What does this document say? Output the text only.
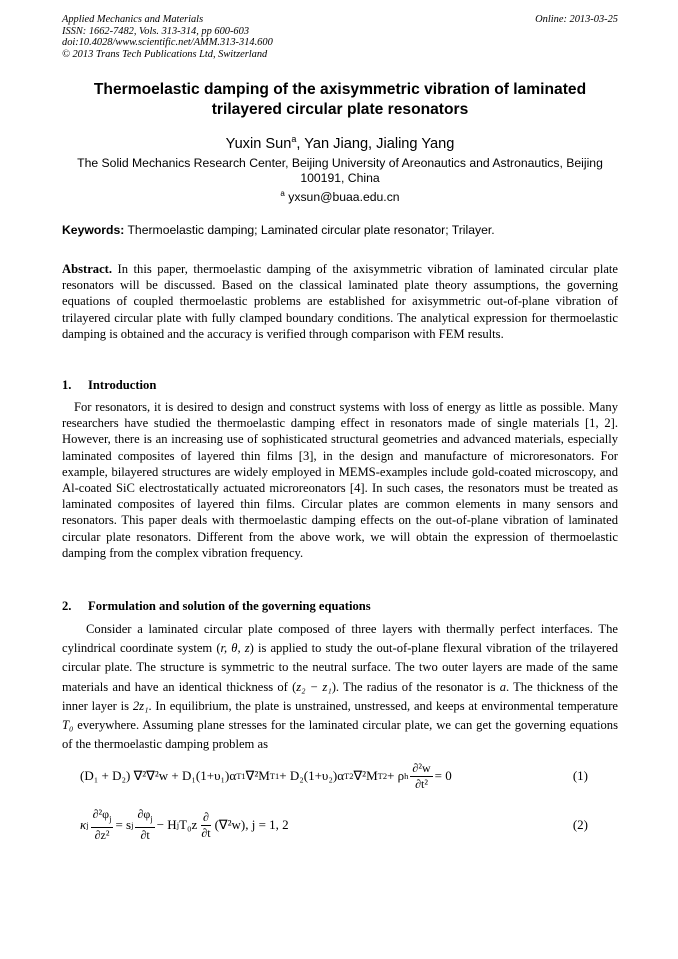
Applied Mechanics and Materials
ISSN: 1662-7482, Vols. 313-314, pp 600-603
doi:10.4028/www.scientific.net/AMM.313-314.600
© 2013 Trans Tech Publications Ltd, Switzerland
Online: 2013-03-25
Thermoelastic damping of the axisymmetric vibration of laminated
trilayered circular plate resonators
Yuxin Sun$^a$, Yan Jiang, Jialing Yang
The Solid Mechanics Research Center, Beijing University of Areonautics and Astronautics, Beijing
100191, China
$^a$ yxsun@buaa.edu.cn
Keywords: Thermoelastic damping; Laminated circular plate resonator; Trilayer.
Abstract. In this paper, thermoelastic damping of the axisymmetric vibration of laminated circular plate resonators will be discussed. Based on the classical laminated plate theory assumptions, the governing equations of coupled thermoelastic problems are established for axisymmetric out-of-plane vibration of trilayered circular plate with fully clamped boundary conditions. The analytical expression for thermoelastic damping is obtained and the accuracy is verified through comparison with FEM results.
1. Introduction
For resonators, it is desired to design and construct systems with loss of energy as little as possible. Many researchers have studied the thermoelastic damping effect in resonators made of single materials [1, 2]. However, there is an increasing use of sophisticated structural geometries and advanced materials, especially laminated composites of layered thin films [3], in the design and manufacture of microresonators. For example, bilayered structures are widely employed in MEMS-examples include gold-coated microscopy, and Al-coated SiC electrostatically actuated microreonators [4]. In such cases, the resonators must be treated as laminated composites of layered thin films. Circular plates are common elements in many sensors and resonators. This paper deals with thermoelastic damping effects on the out-of-plane vibration of laminated circular plate resonators. Different from the above work, we will obtain the expression of thermoelastic damping from the complex vibration frequency.
2. Formulation and solution of the governing equations
Consider a laminated circular plate composed of three layers with thermally perfect interfaces. The cylindrical coordinate system (r, θ, z) is applied to study the out-of-plane flexural vibration of the trilayered circular plate. The structure is symmetric to the neutral surface. The two outer layers are made of the same materials and have an identical thickness of (z₂ − z₁). The radius of the resonator is a. The thickness of the inner layer is 2z₁. In equilibrium, the plate is unstrained, unstressed, and keeps at environmental temperature T₀ everywhere. Assuming plane stresses for the laminated circular plate, we can get the governing equations of the thermoelastic damping problem as
(D₁ + D₂) ∇²∇²w + D₁(1+υ₁)α T1 ∇²M T1 + D₂(1+υ₂)α T2 ∇²M T2 + ρ h $\frac{\text{∂²w}}{\text{∂t²}} = 0$	(1)
κ j $\frac{\partial^2\varphi_j}{\text{∂z²}} = s$ j $\frac{\partial\varphi_j}{\partial t} - H$ j $T_0z \frac{\partial}{\partial t} (\nabla^2w)$, j = 1, 2	(2)
